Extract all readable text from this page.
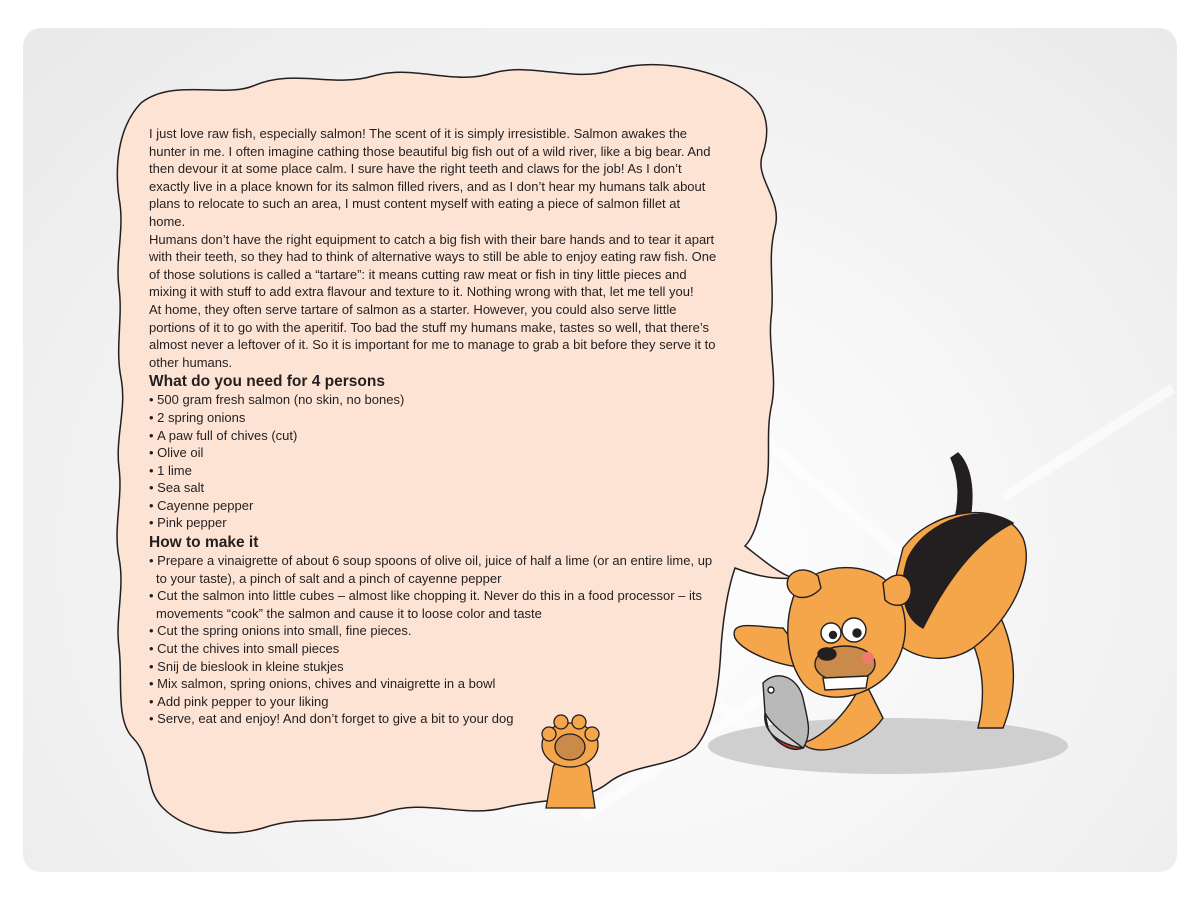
I just love raw fish, especially salmon! The scent of it is simply irresistible. Salmon awakes the hunter in me. I often imagine cathing those beautiful big fish out of a wild river, like a big bear. And then devour it at some place calm. I sure have the right teeth and claws for the job! As I don’t exactly live in a place known for its salmon filled rivers, and as I don’t hear my humans talk about plans to relocate to such an area, I must content myself with eating a piece of salmon fillet at home.

Humans don’t have the right equipment to catch a big fish with their bare hands and to tear it apart with their teeth, so they had to think of alternative ways to still be able to enjoy eating raw fish. One of those solutions is called a “tartare”: it means cutting raw meat or fish in tiny little pieces and mixing it with stuff to add extra flavour and texture to it. Nothing wrong with that, let me tell you!

At home, they often serve tartare of salmon as a starter. However, you could also serve little portions of it to go with the aperitif. Too bad the stuff my humans make, tastes so well, that there’s almost never a leftover of it. So it is important for me to manage to grab a bit before they serve it to other humans.

What do you need for 4 persons
• 500 gram fresh salmon (no skin, no bones)
• 2 spring onions
• A paw full of chives (cut)
• Olive oil
• 1 lime
• Sea salt
• Cayenne pepper
• Pink pepper
How to make it
• Prepare a vinaigrette of about 6 soup spoons of olive oil, juice of half a lime (or an entire lime, up to your taste), a pinch of salt and a pinch of cayenne pepper
• Cut the salmon into little cubes – almost like chopping it. Never do this in a food processor – its movements “cook” the salmon and cause it to loose color and taste
• Cut the spring onions into small, fine pieces.
• Cut the chives into small pieces
• Snij de bieslook in kleine stukjes
• Mix salmon, spring onions, chives and vinaigrette in a bowl
• Add pink pepper to your liking
• Serve, eat and enjoy! And don’t forget to give a bit to your dog
